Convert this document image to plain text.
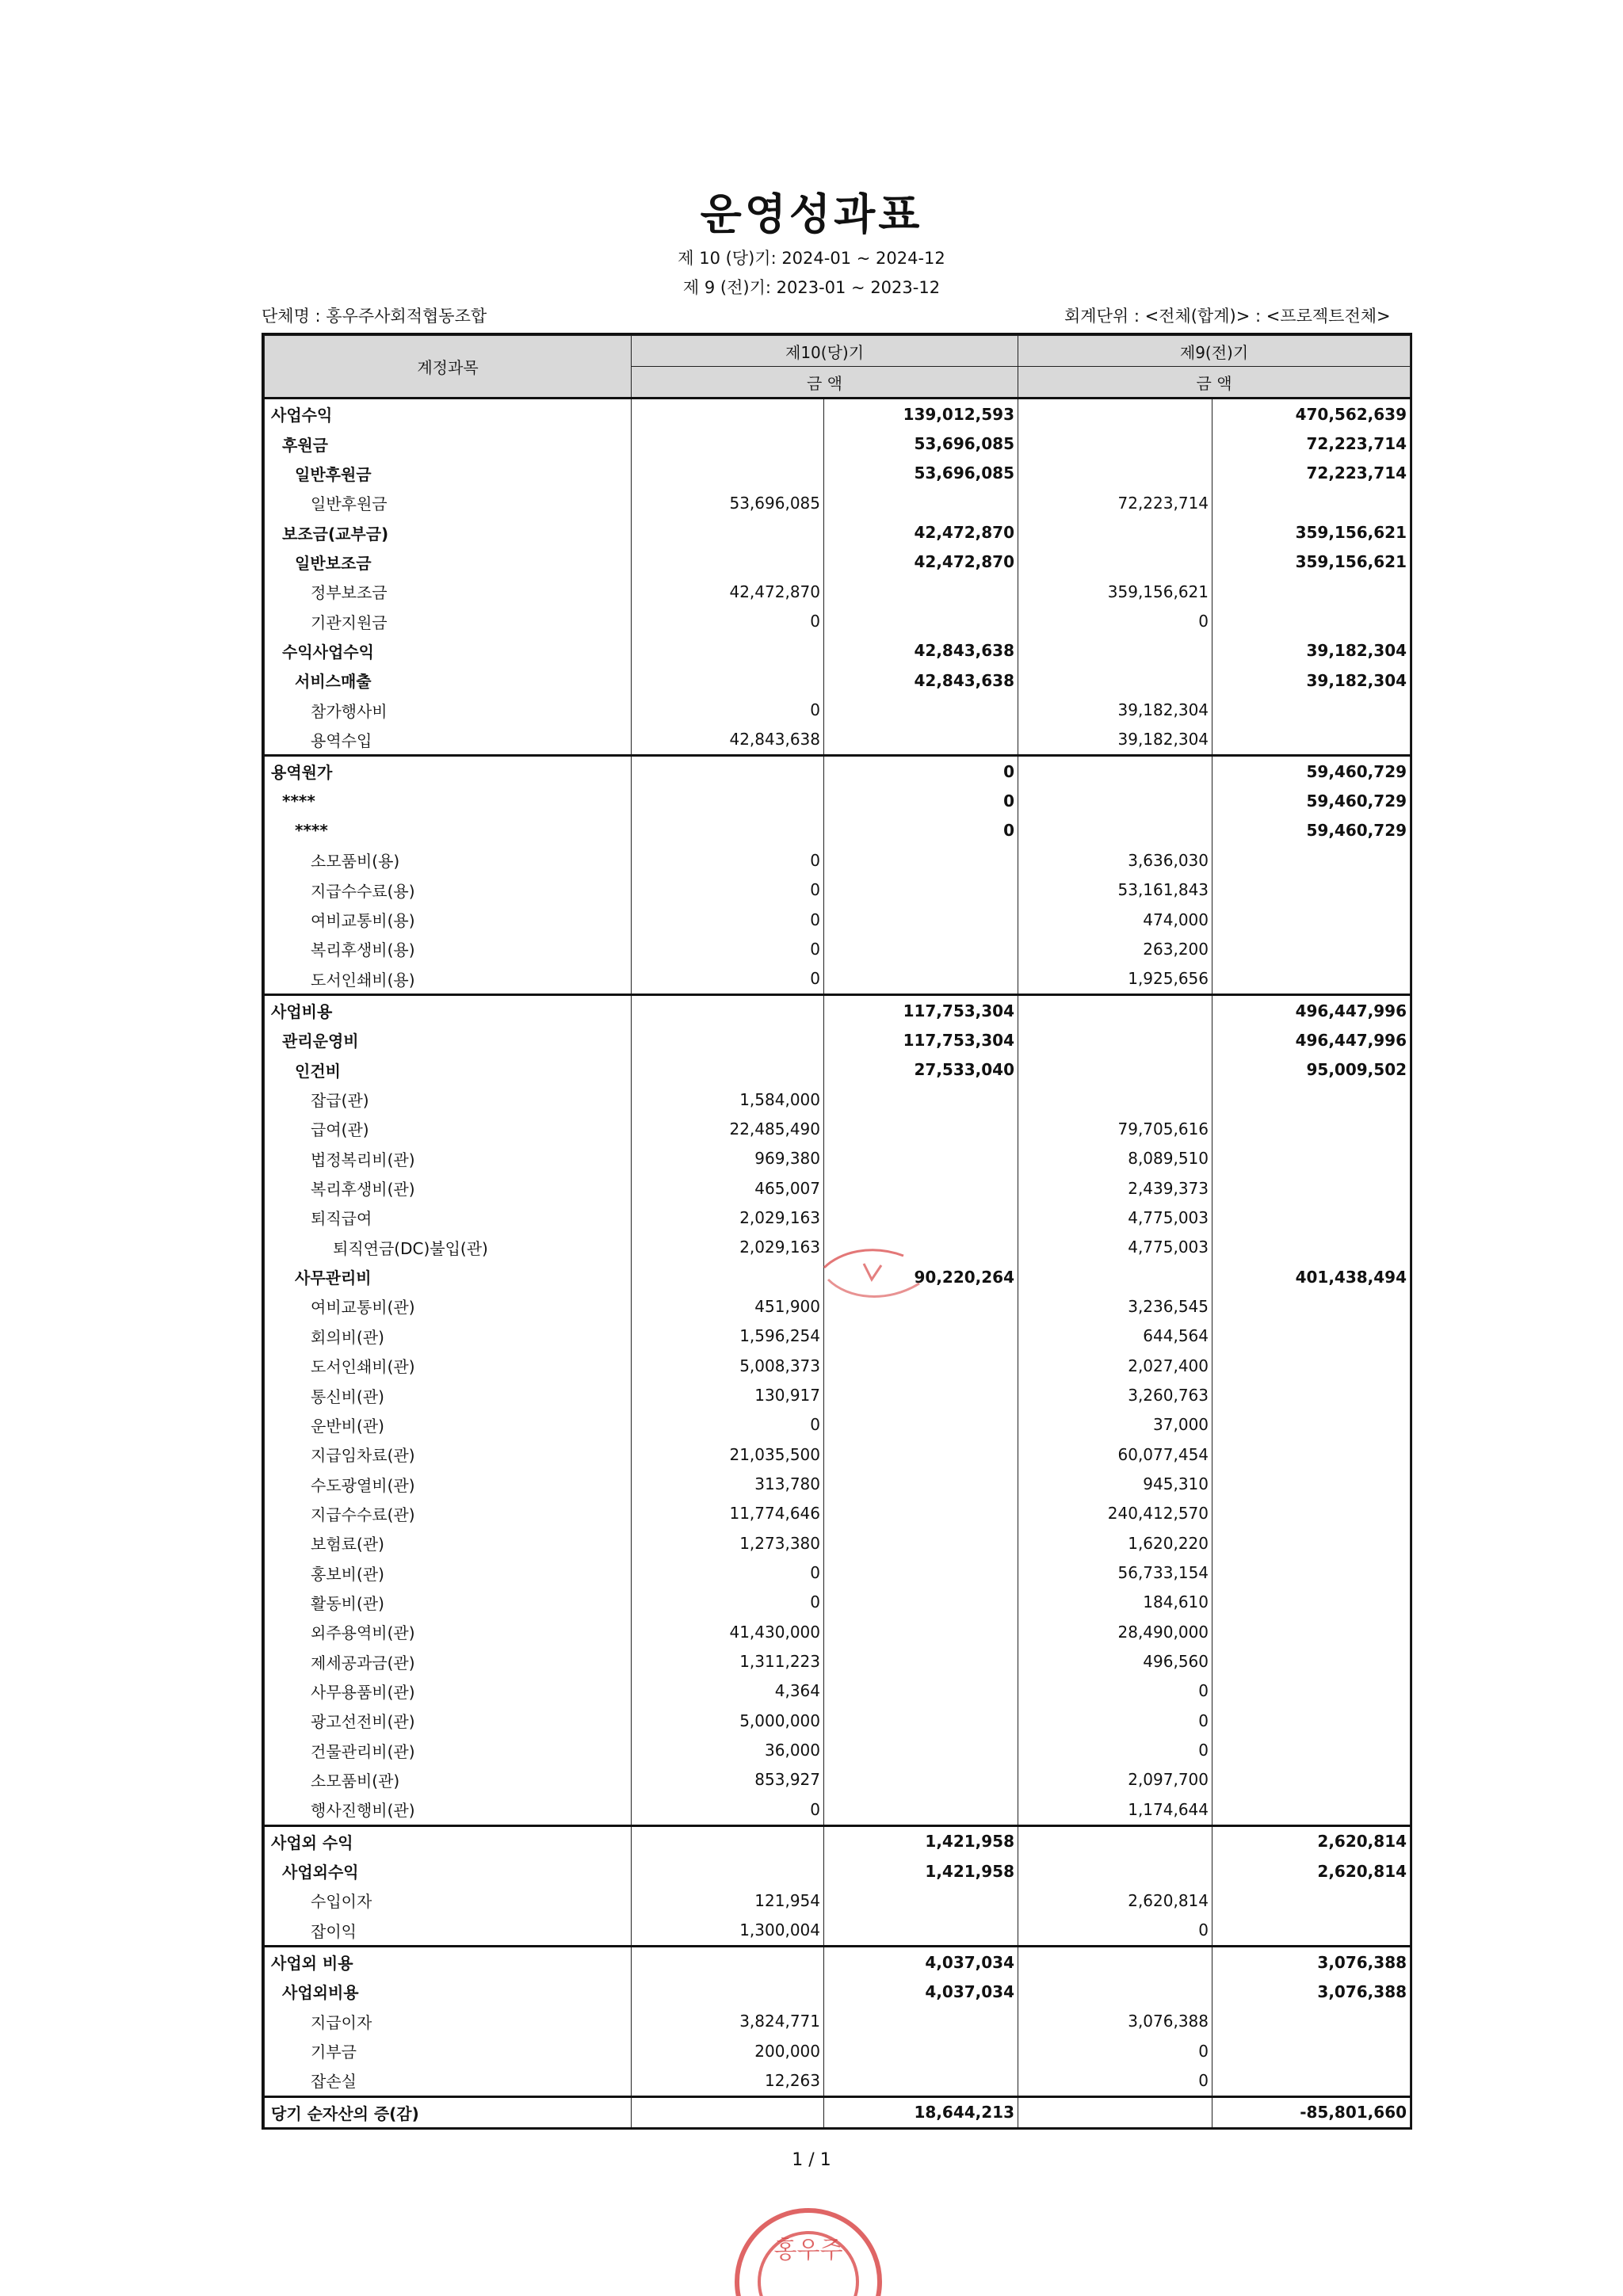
운영성과표
제 10 (당)기: 2024-01 ~ 2024-12
제 9 (전)기: 2023-01 ~ 2023-12
단체명 : 홍우주사회적협동조합	회계단위 : <전체(합계)> : <프로젝트전체>
계정과목	제10(당)기		제9(전)기	
	금 액		금 액	
사업수익		139,012,593		470,562,639
후원금		53,696,085		72,223,714
일반후원금		53,696,085		72,223,714
일반후원금	53,696,085		72,223,714	
보조금(교부금)		42,472,870		359,156,621
일반보조금		42,472,870		359,156,621
정부보조금	42,472,870		359,156,621	
기관지원금	0		0	
수익사업수익		42,843,638		39,182,304
서비스매출		42,843,638		39,182,304
참가행사비	0		39,182,304	
용역수입	42,843,638		39,182,304	
용역원가		0		59,460,729
****		0		59,460,729
****		0		59,460,729
소모품비(용)	0		3,636,030	
지급수수료(용)	0		53,161,843	
여비교통비(용)	0		474,000	
복리후생비(용)	0		263,200	
도서인쇄비(용)	0		1,925,656	
사업비용		117,753,304		496,447,996
관리운영비		117,753,304		496,447,996
인건비		27,533,040		95,009,502
잡급(관)	1,584,000			
급여(관)	22,485,490		79,705,616	
법정복리비(관)	969,380		8,089,510	
복리후생비(관)	465,007		2,439,373	
퇴직급여	2,029,163		4,775,003	
퇴직연금(DC)불입(관)	2,029,163		4,775,003	
사무관리비		90,220,264		401,438,494
여비교통비(관)	451,900		3,236,545	
회의비(관)	1,596,254		644,564	
도서인쇄비(관)	5,008,373		2,027,400	
통신비(관)	130,917		3,260,763	
운반비(관)	0		37,000	
지급임차료(관)	21,035,500		60,077,454	
수도광열비(관)	313,780		945,310	
지급수수료(관)	11,774,646		240,412,570	
보험료(관)	1,273,380		1,620,220	
홍보비(관)	0		56,733,154	
활동비(관)	0		184,610	
외주용역비(관)	41,430,000		28,490,000	
제세공과금(관)	1,311,223		496,560	
사무용품비(관)	4,364		0	
광고선전비(관)	5,000,000		0	
건물관리비(관)	36,000		0	
소모품비(관)	853,927		2,097,700	
행사진행비(관)	0		1,174,644	
사업외 수익		1,421,958		2,620,814
사업외수익		1,421,958		2,620,814
수입이자	121,954		2,620,814	
잡이익	1,300,004		0	
사업외 비용		4,037,034		3,076,388
사업외비용		4,037,034		3,076,388
지급이자	3,824,771		3,076,388	
기부금	200,000		0	
잡손실	12,263		0	
당기 순자산의 증(감)		18,644,213		-85,801,660
1 / 1
홍우주
